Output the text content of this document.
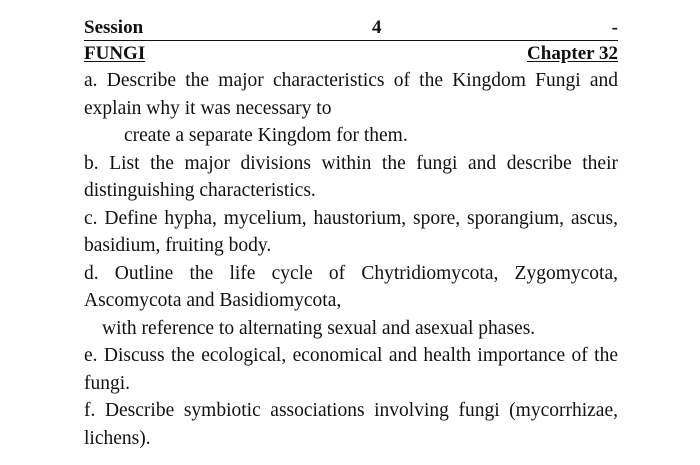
Session	4	-
FUNGI	Chapter 32

a. Describe the major characteristics of the Kingdom Fungi and explain why it was necessary to

create a separate Kingdom for them.

b. List the major divisions within the fungi and describe their distinguishing characteristics.

c. Define hypha, mycelium, haustorium, spore, sporangium, ascus, basidium, fruiting body.

d. Outline the life cycle of Chytridiomycota, Zygomycota, Ascomycota and Basidiomycota,

with reference to alternating sexual and asexual phases.

e. Discuss the ecological, economical and health importance of the fungi.

f. Describe symbiotic associations involving fungi (mycorrhizae, lichens).
